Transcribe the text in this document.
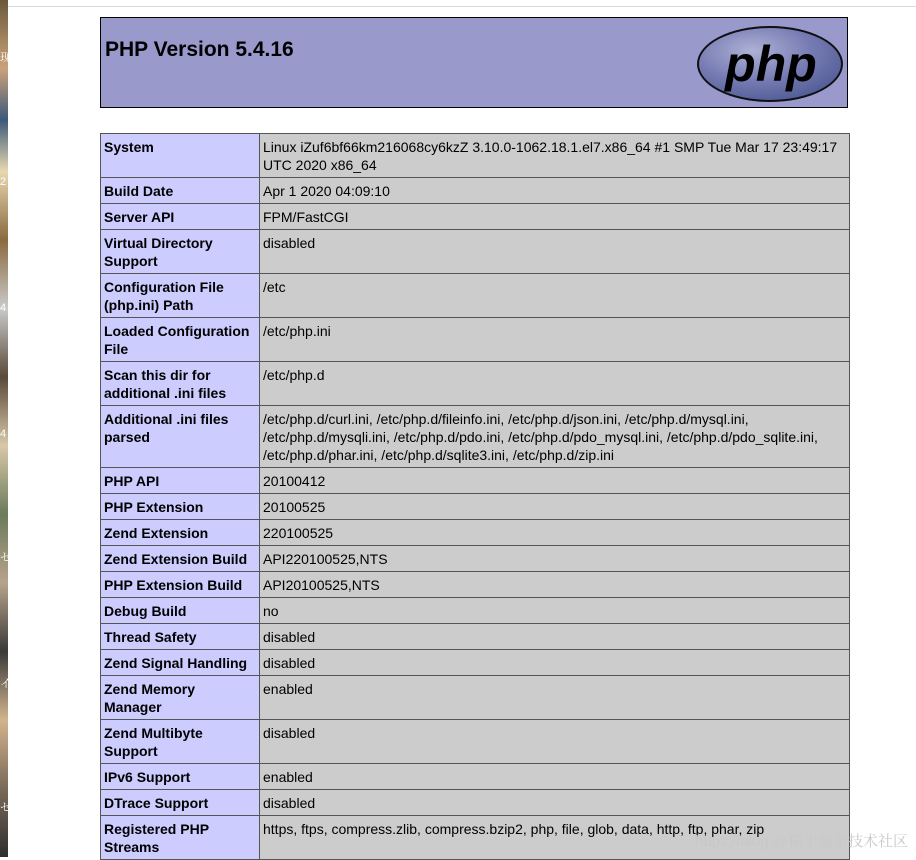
现
2
4
4
セ
イ
セ
PHP Version 5.4.16	php
System	Linux iZuf6bf66km216068cy6kzZ 3.10.0-1062.18.1.el7.x86_64 #1 SMP Tue Mar 17 23:49:17 UTC 2020 x86_64
Build Date	Apr 1 2020 04:09:10
Server API	FPM/FastCGI
Virtual Directory Support	disabled
Configuration File (php.ini) Path	/etc
Loaded Configuration File	/etc/php.ini
Scan this dir for additional .ini files	/etc/php.d
Additional .ini files parsed	/etc/php.d/curl.ini, /etc/php.d/fileinfo.ini, /etc/php.d/json.ini, /etc/php.d/mysql.ini, /etc/php.d/mysqli.ini, /etc/php.d/pdo.ini, /etc/php.d/pdo_mysql.ini, /etc/php.d/pdo_sqlite.ini, /etc/php.d/phar.ini, /etc/php.d/sqlite3.ini, /etc/php.d/zip.ini
PHP API	20100412
PHP Extension	20100525
Zend Extension	220100525
Zend Extension Build	API220100525,NTS
PHP Extension Build	API20100525,NTS
Debug Build	no
Thread Safety	disabled
Zend Signal Handling	disabled
Zend Memory Manager	enabled
Zend Multibyte Support	disabled
IPv6 Support	enabled
DTrace Support	disabled
Registered PHP Streams	https, ftps, compress.zlib, compress.bzip2, php, file, glob, data, http, ftp, phar, zip
https://blog.@稀土掘金技术社区
